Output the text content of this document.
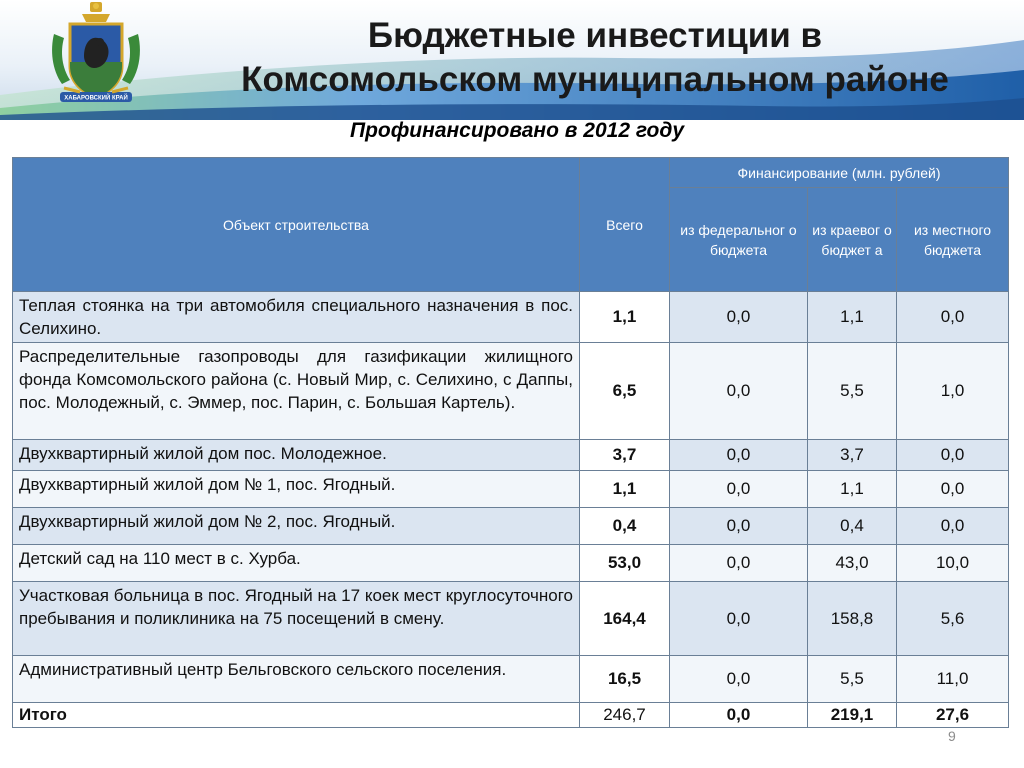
ХАБАРОВСКИЙ КРАЙ
Бюджетные инвестиции в
Комсомольском муниципальном районе
Профинансировано в 2012 году
Объект строительства	Всего	Финансирование (млн. рублей)		
		из федеральног о бюджета	из краевог о бюджет а	из местного бюджета
Теплая стоянка на три автомобиля специального назначения в пос. Селихино.	1,1	0,0	1,1	0,0
Распределительные газопроводы для газификации жилищного фонда Комсомольского района (с. Новый Мир, с. Селихино, с Даппы, пос. Молодежный, с. Эммер, пос. Парин, с. Большая Картель).	6,5	0,0	5,5	1,0
Двухквартирный жилой дом пос. Молодежное.	3,7	0,0	3,7	0,0
Двухквартирный жилой дом № 1, пос. Ягодный.	1,1	0,0	1,1	0,0
Двухквартирный жилой дом № 2, пос. Ягодный.	0,4	0,0	0,4	0,0
Детский сад на 110 мест в с. Хурба.	53,0	0,0	43,0	10,0
Участковая больница в пос. Ягодный на 17 коек мест круглосуточного пребывания и поликлиника на 75 посещений в смену.	164,4	0,0	158,8	5,6
Административный центр Бельговского сельского поселения.	16,5	0,0	5,5	11,0
Итого	246,7	0,0	219,1	27,6
9
